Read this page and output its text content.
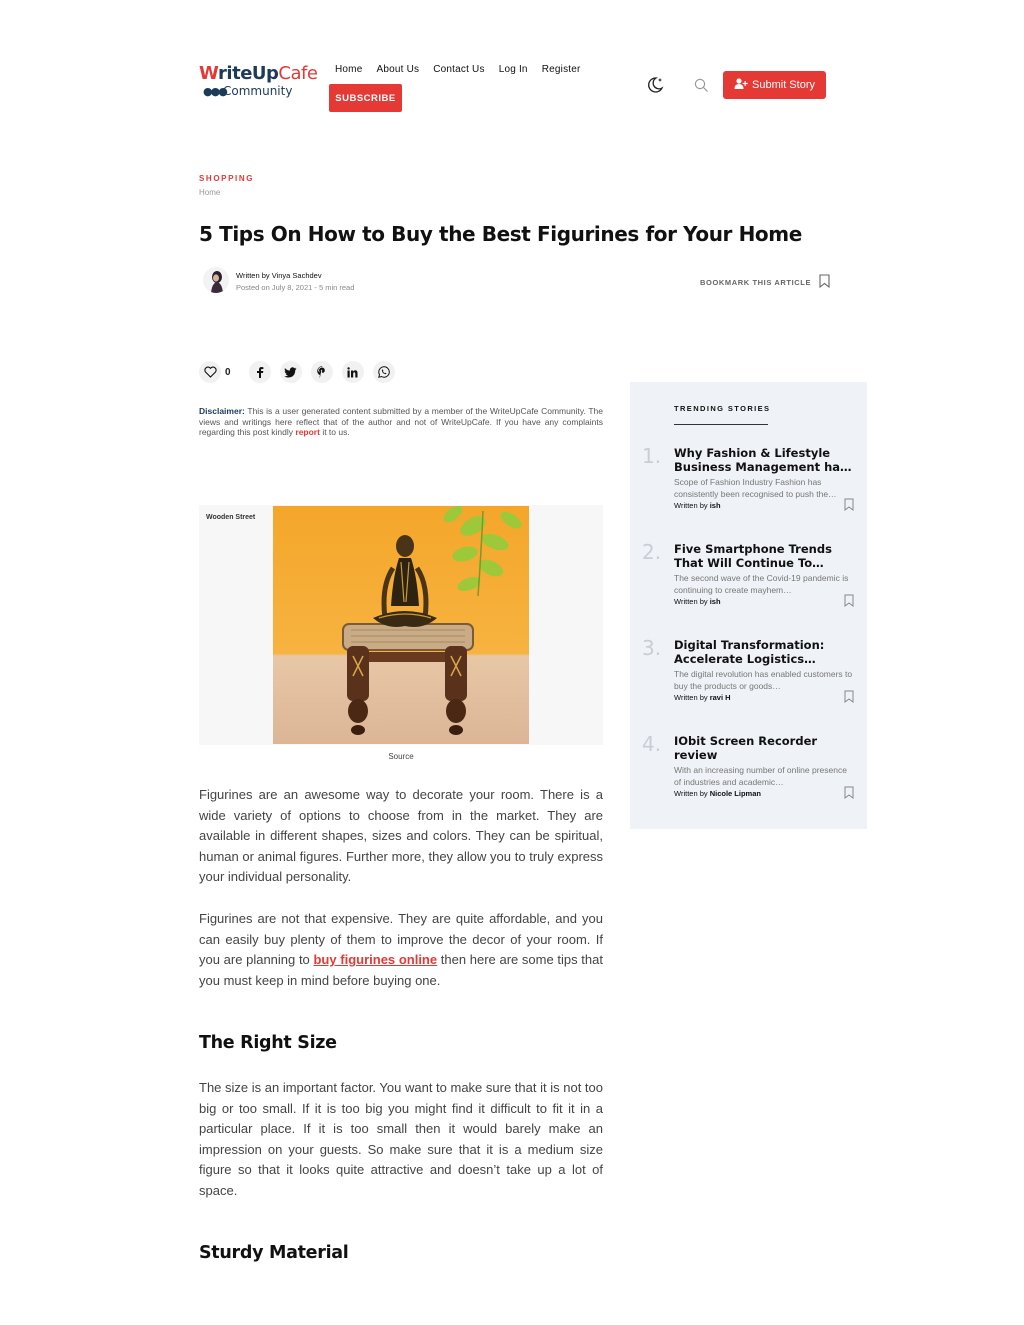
WriteUpCafe
●●●
Community
Home About Us Contact Us Log In Register
SUBSCRIBE
Submit Story
SHOPPING
Home
5 Tips On How to Buy the Best Figurines for Your Home
Written by Vinya Sachdev
Posted on July 8, 2021 - 5 min read
BOOKMARK THIS ARTICLE
0
Disclaimer: This is a user generated content submitted by a member of the WriteUpCafe Community. The views and writings here reflect that of the author and not of WriteUpCafe. If you have any complaints regarding this post kindly report it to us.
Wooden Street
Source

Figurines are an awesome way to decorate your room. There is a wide variety of options to choose from in the market. They are available in different shapes, sizes and colors. They can be spiritual, human or animal figures. Further more, they allow you to truly express your individual personality.

Figurines are not that expensive. They are quite affordable, and you can easily buy plenty of them to improve the decor of your room. If you are planning to buy figurines online then here are some tips that you must keep in mind before buying one.

The Right Size

The size is an important factor. You want to make sure that it is not too big or too small. If it is too big you might find it difficult to fit it in a particular place. If it is too small then it would barely make an impression on your guests. So make sure that it is a medium size figure so that it looks quite attractive and doesn’t take up a lot of space.

Sturdy Material
TRENDING STORIES
1. Why Fashion & Lifestyle Business Management ha…
Scope of Fashion Industry Fashion has consistently been recognised to push the…
Written by ish
2. Five Smartphone Trends That Will Continue To…
The second wave of the Covid-19 pandemic is continuing to create mayhem…
Written by ish
3. Digital Transformation: Accelerate Logistics…
The digital revolution has enabled customers to buy the products or goods…
Written by ravi H
4. IObit Screen Recorder review
With an increasing number of online presence of industries and academic…
Written by Nicole Lipman
